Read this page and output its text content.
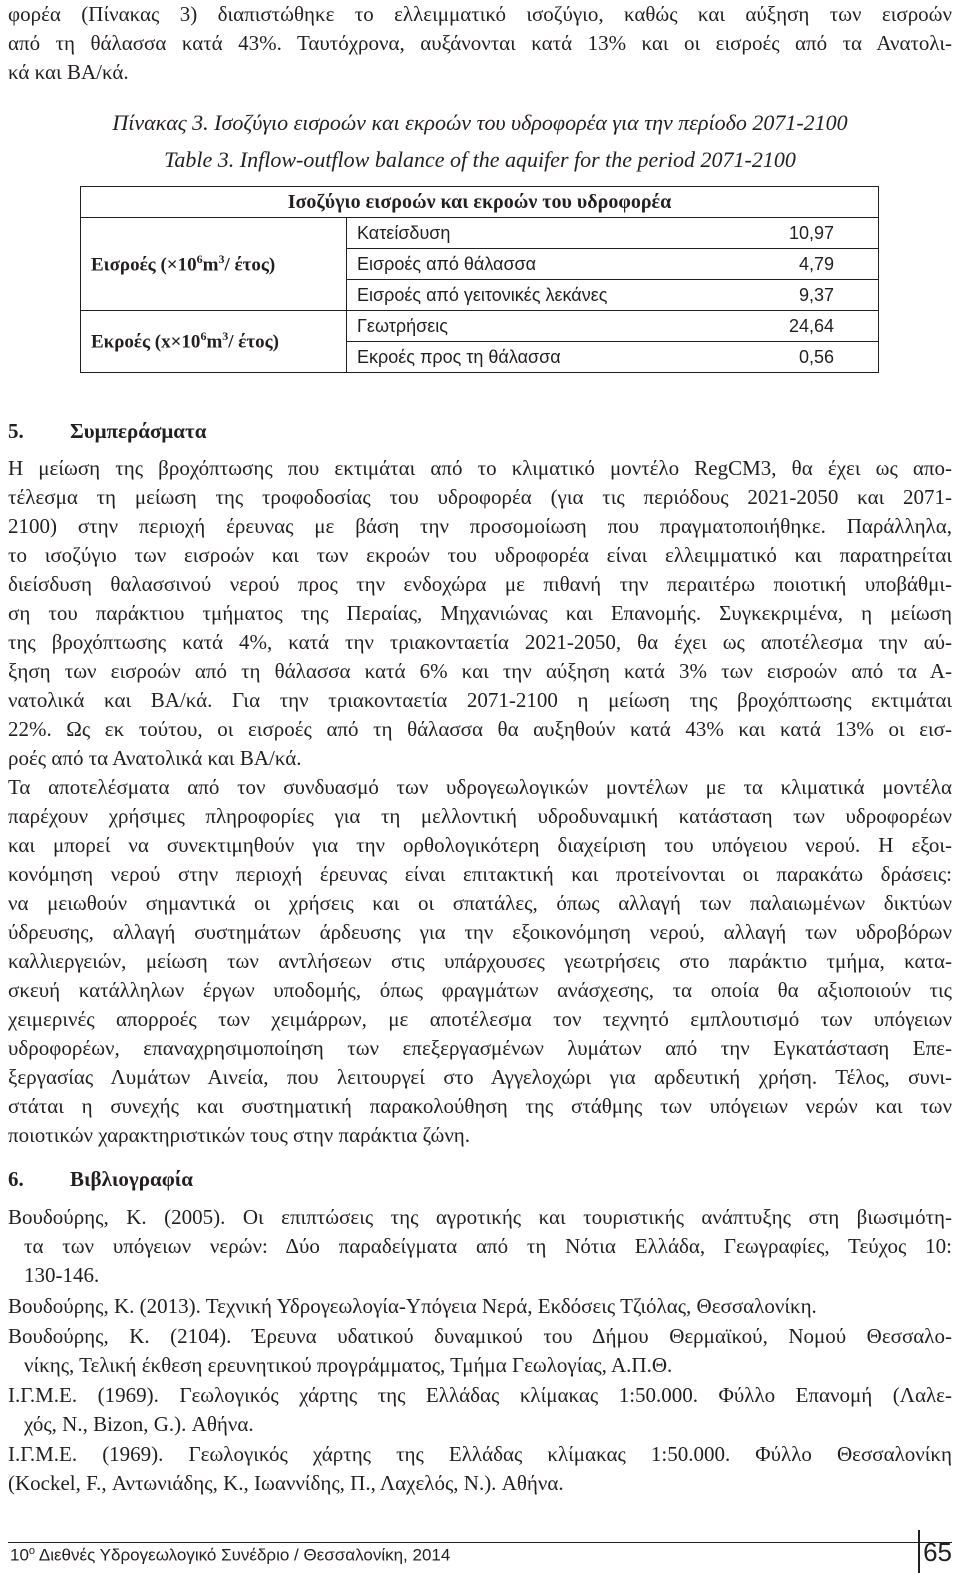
φορέα (Πίνακας 3) διαπιστώθηκε το ελλειμματικό ισοζύγιο, καθώς και αύξηση των εισροών
από τη θάλασσα κατά 43%. Ταυτόχρονα, αυξάνονται κατά 13% και οι εισροές από τα Ανατολι-
κά και ΒΑ/κά.
Πίνακας 3. Ισοζύγιο εισροών και εκροών του υδροφορέα για την περίοδο 2071-2100
Table 3. Inflow-outflow balance of the aquifer for the period 2071-2100
Ισοζύγιο εισροών και εκροών του υδροφορέα		
Εισροές ($\times 10^6m^3/$ έτος)	Κατείσδυση	10,97
	Εισροές από θάλασσα	4,79
	Εισροές από γειτονικές λεκάνες	9,37
Εκροές ($x\times 10^6m^3/$ έτος)	Γεωτρήσεις	24,64
	Εκροές προς τη θάλασσα	0,56
5. Συμπεράσματα
Η μείωση της βροχόπτωσης που εκτιμάται από το κλιματικό μοντέλο RegCM3, θα έχει ως απο-
τέλεσμα τη μείωση της τροφοδοσίας του υδροφορέα (για τις περιόδους 2021-2050 και 2071-
2100) στην περιοχή έρευνας με βάση την προσομοίωση που πραγματοποιήθηκε. Παράλληλα,
το ισοζύγιο των εισροών και των εκροών του υδροφορέα είναι ελλειμματικό και παρατηρείται
διείσδυση θαλασσινού νερού προς την ενδοχώρα με πιθανή την περαιτέρω ποιοτική υποβάθμι-
ση του παράκτιου τμήματος της Περαίας, Μηχανιώνας και Επανομής. Συγκεκριμένα, η μείωση
της βροχόπτωσης κατά 4%, κατά την τριακονταετία 2021-2050, θα έχει ως αποτέλεσμα την αύ-
ξηση των εισροών από τη θάλασσα κατά 6% και την αύξηση κατά 3% των εισροών από τα Α-
νατολικά και ΒΑ/κά. Για την τριακονταετία 2071-2100 η μείωση της βροχόπτωσης εκτιμάται
22%. Ως εκ τούτου, οι εισροές από τη θάλασσα θα αυξηθούν κατά 43% και κατά 13% οι εισ-
ροές από τα Ανατολικά και ΒΑ/κά.
Τα αποτελέσματα από τον συνδυασμό των υδρογεωλογικών μοντέλων με τα κλιματικά μοντέλα
παρέχουν χρήσιμες πληροφορίες για τη μελλοντική υδροδυναμική κατάσταση των υδροφορέων
και μπορεί να συνεκτιμηθούν για την ορθολογικότερη διαχείριση του υπόγειου νερού. Η εξοι-
κονόμηση νερού στην περιοχή έρευνας είναι επιτακτική και προτείνονται οι παρακάτω δράσεις:
να μειωθούν σημαντικά οι χρήσεις και οι σπατάλες, όπως αλλαγή των παλαιωμένων δικτύων
ύδρευσης, αλλαγή συστημάτων άρδευσης για την εξοικονόμηση νερού, αλλαγή των υδροβόρων
καλλιεργειών, μείωση των αντλήσεων στις υπάρχουσες γεωτρήσεις στο παράκτιο τμήμα, κατα-
σκευή κατάλληλων έργων υποδομής, όπως φραγμάτων ανάσχεσης, τα οποία θα αξιοποιούν τις
χειμερινές απορροές των χειμάρρων, με αποτέλεσμα τον τεχνητό εμπλουτισμό των υπόγειων
υδροφορέων, επαναχρησιμοποίηση των επεξεργασμένων λυμάτων από την Εγκατάσταση Επε-
ξεργασίας Λυμάτων Αινεία, που λειτουργεί στο Αγγελοχώρι για αρδευτική χρήση. Τέλος, συνι-
στάται η συνεχής και συστηματική παρακολούθηση της στάθμης των υπόγειων νερών και των
ποιοτικών χαρακτηριστικών τους στην παράκτια ζώνη.
6. Βιβλιογραφία
Βουδούρης, Κ. (2005). Οι επιπτώσεις της αγροτικής και τουριστικής ανάπτυξης στη βιωσιμότη-
τα των υπόγειων νερών: Δύο παραδείγματα από τη Νότια Ελλάδα, Γεωγραφίες, Τεύχος 10:
130-146.
Βουδούρης, Κ. (2013). Τεχνική Υδρογεωλογία-Υπόγεια Νερά, Εκδόσεις Τζιόλας, Θεσσαλονίκη.
Βουδούρης, Κ. (2104). Έρευνα υδατικού δυναμικού του Δήμου Θερμαϊκού, Νομού Θεσσαλο-
νίκης, Τελική έκθεση ερευνητικού προγράμματος, Τμήμα Γεωλογίας, Α.Π.Θ.
Ι.Γ.Μ.Ε. (1969). Γεωλογικός χάρτης της Ελλάδας κλίμακας 1:50.000. Φύλλο Επανομή (Λαλε-
χός, Ν., Bizon, G.). Αθήνα.
Ι.Γ.Μ.Ε. (1969). Γεωλογικός χάρτης της Ελλάδας κλίμακας 1:50.000. Φύλλο Θεσσαλονίκη
(Kockel, F., Αντωνιάδης, Κ., Ιωαννίδης, Π., Λαχελός, Ν.). Αθήνα.
$10^o$ Διεθνές Υδρογεωλογικό Συνέδριο / Θεσσαλονίκη, 2014	65
